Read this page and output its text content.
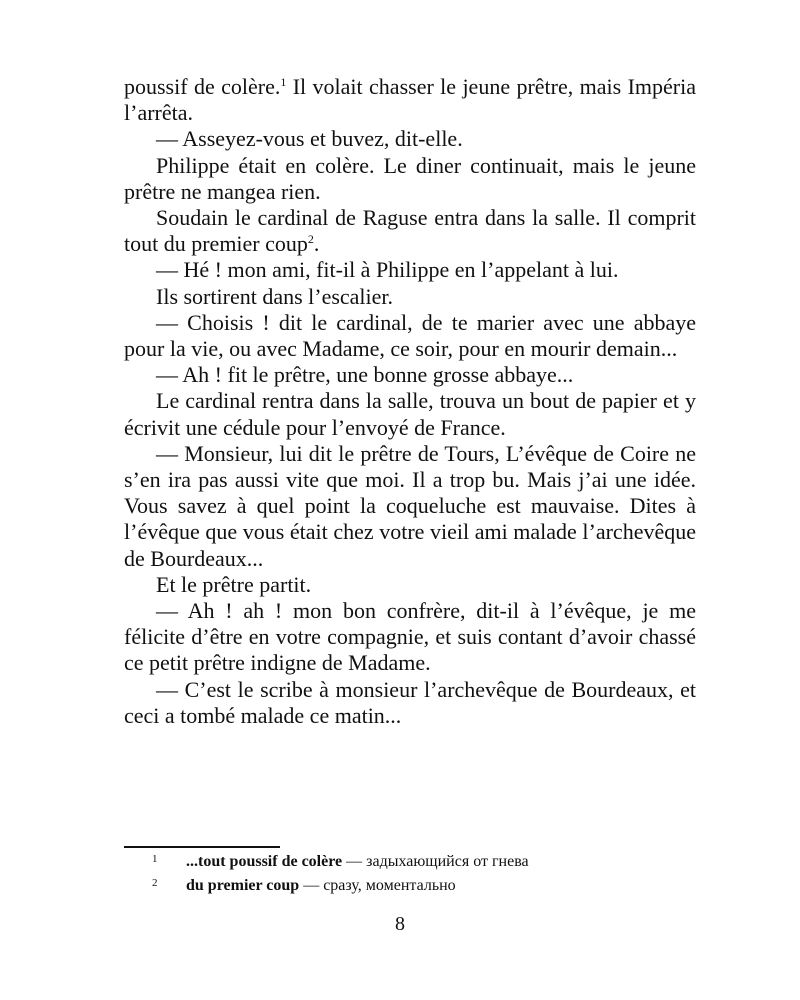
poussif de colère.$^1$ Il volait chasser le jeune prêtre, mais Impéria l’arrêta.

— Asseyez-vous et buvez, dit-elle.

Philippe était en colère. Le diner continuait, mais le jeune prêtre ne mangea rien.

Soudain le cardinal de Raguse entra dans la salle. Il comprit tout du premier coup$^2$.

— Hé ! mon ami, fit-il à Philippe en l’appelant à lui.

Ils sortirent dans l’escalier.

— Choisis ! dit le cardinal, de te marier avec une abbaye pour la vie, ou avec Madame, ce soir, pour en mourir demain...

— Ah ! fit le prêtre, une bonne grosse abbaye...

Le cardinal rentra dans la salle, trouva un bout de papier et y écrivit une cédule pour l’envoyé de France.

— Monsieur, lui dit le prêtre de Tours, L’évêque de Coire ne s’en ira pas aussi vite que moi. Il a trop bu. Mais j’ai une idée. Vous savez à quel point la coqueluche est mauvaise. Dites à l’évêque que vous était chez votre vieil ami malade l’archevêque de Bourdeaux...

Et le prêtre partit.

— Ah ! ah ! mon bon confrère, dit-il à l’évêque, je me félicite d’être en votre compagnie, et suis contant d’avoir chassé ce petit prêtre indigne de Madame.

— C’est le scribe à monsieur l’archevêque de Bourdeaux, et ceci a tombé malade ce matin...

1 ...tout poussif de colère — задыхающийся от гнева
2 du premier coup — сразу, моментально
8
